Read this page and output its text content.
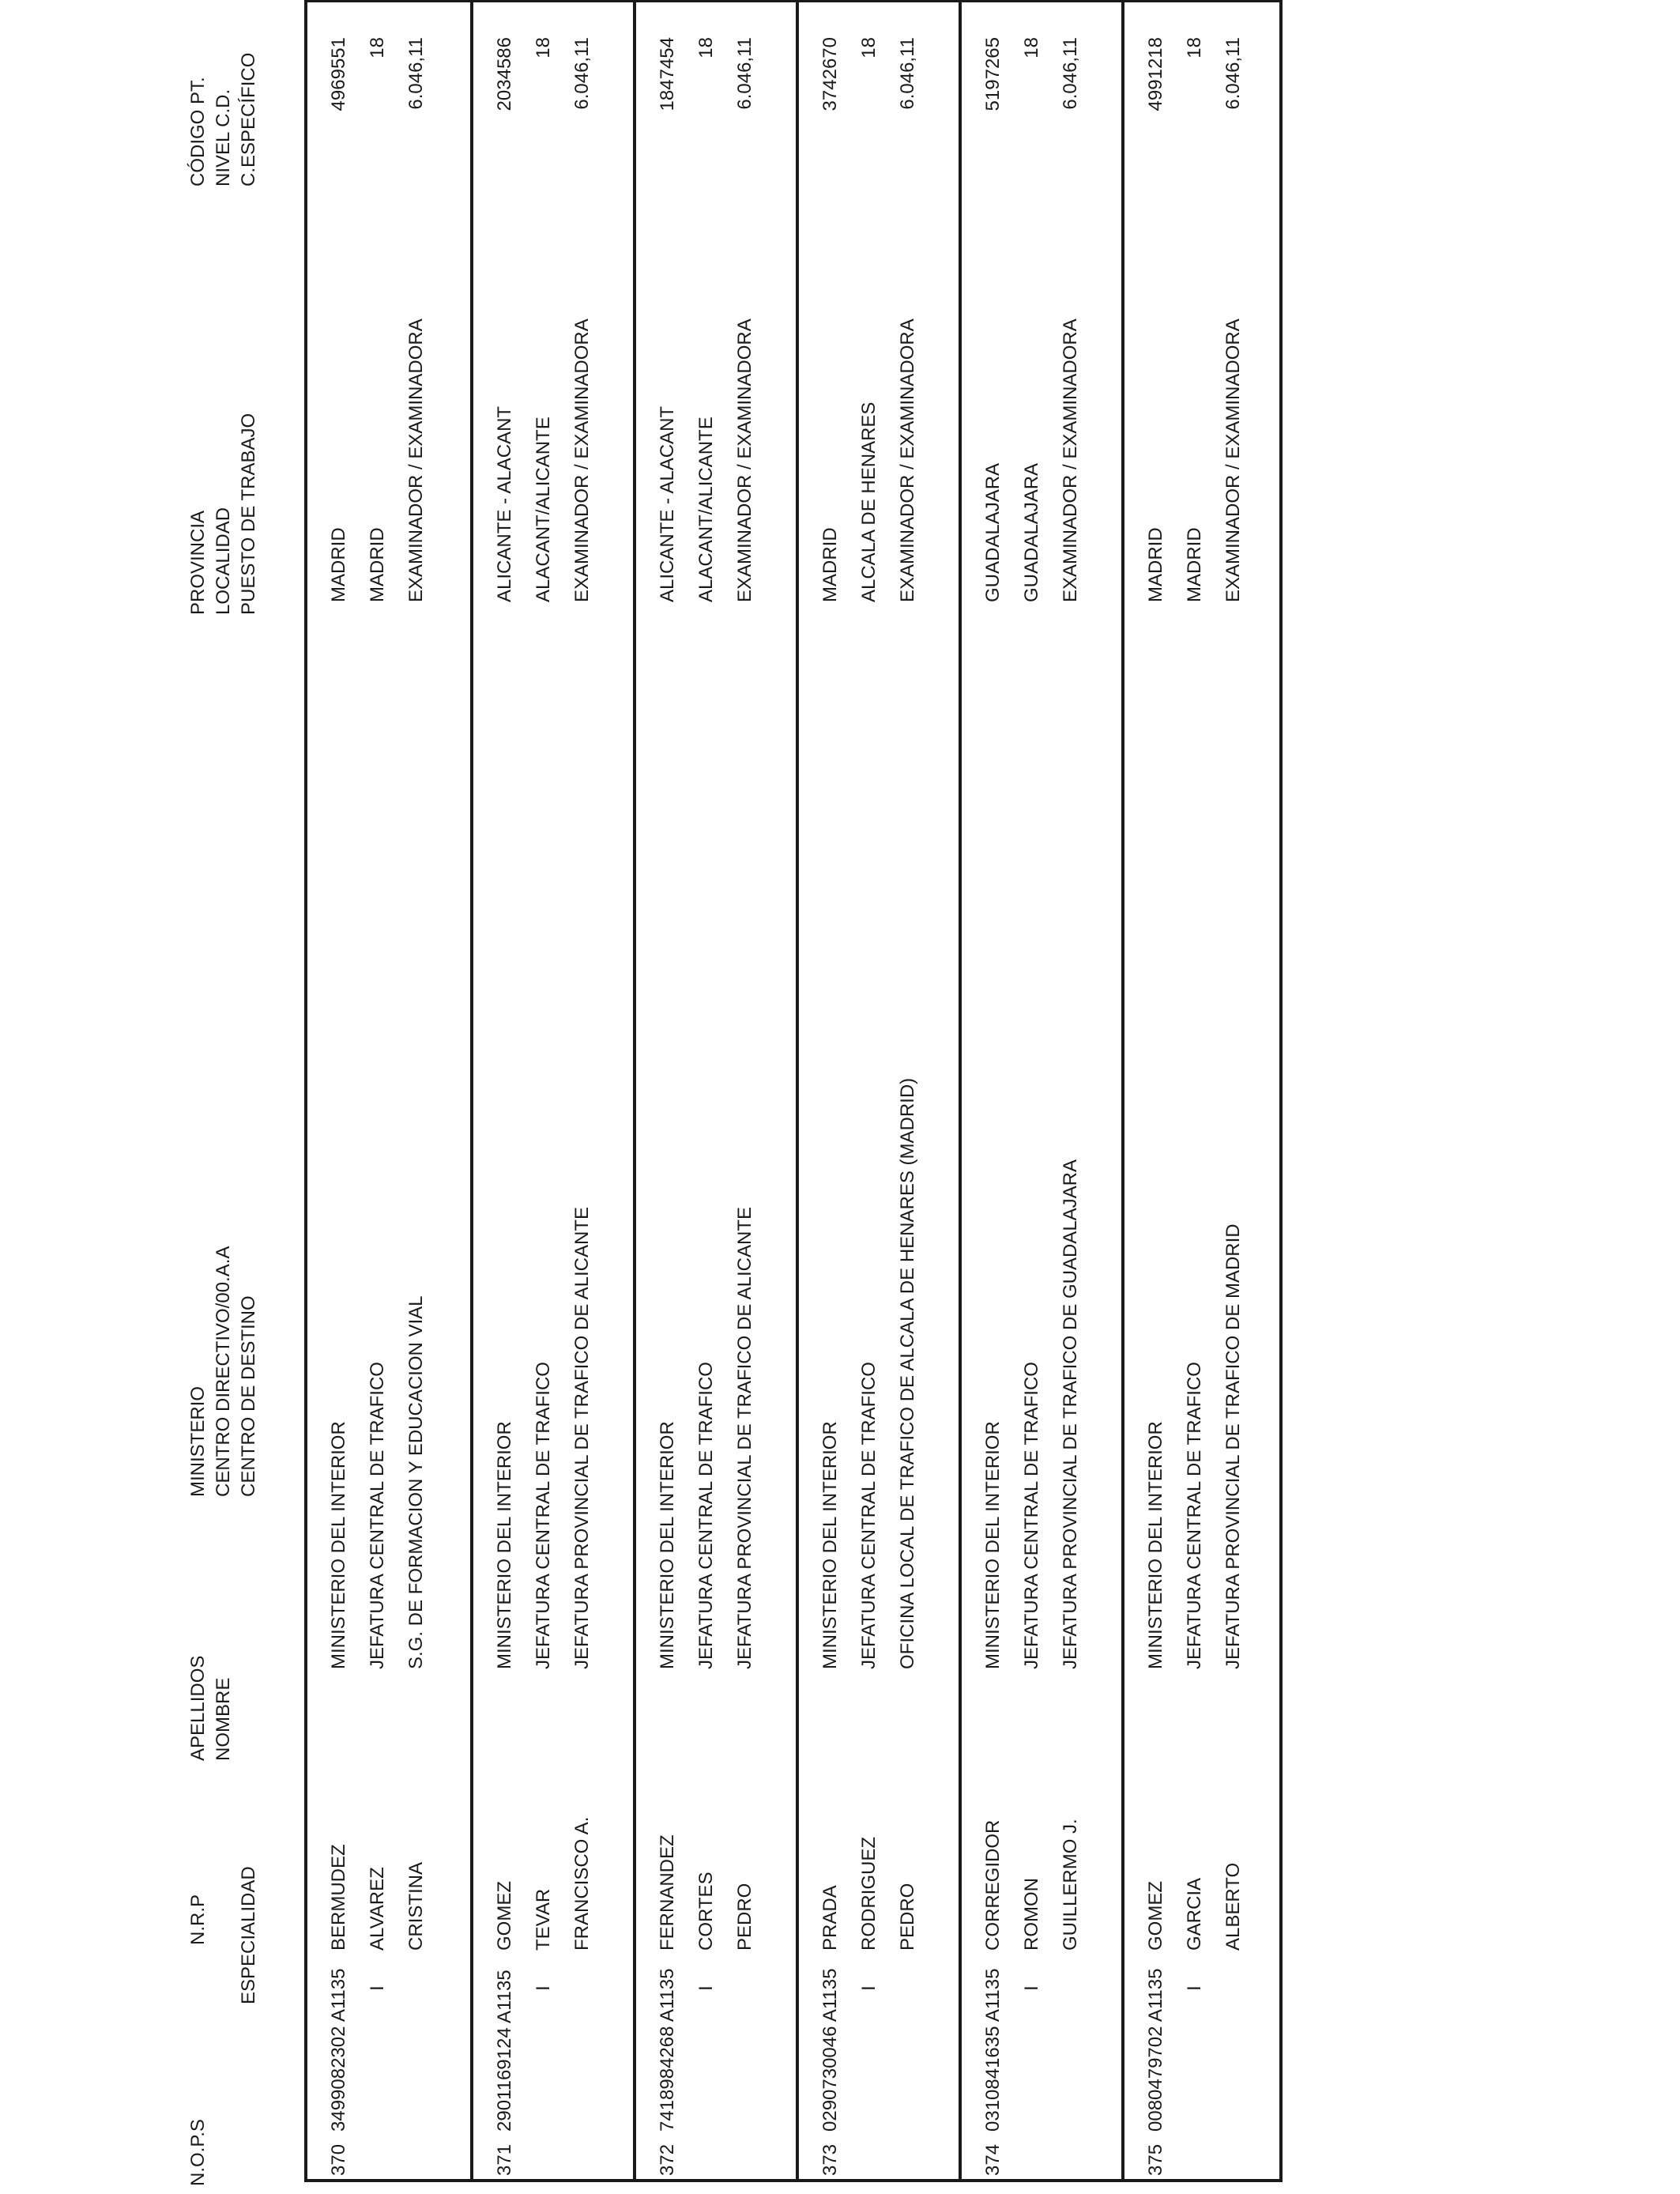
N.O.P.S
N.R.P ESPECIALIDAD
APELLIDOS NOMBRE
MINISTERIO CENTRO DIRECTIVO/00.A.A CENTRO DE DESTINO
PROVINCIA LOCALIDAD PUESTO DE TRABAJO
CÓDIGO PT. NIVEL C.D. C.ESPECÍFICO
370
3499082302 A1135 I
BERMUDEZ ALVAREZ CRISTINA
MINISTERIO DEL INTERIOR JEFATURA CENTRAL DE TRAFICO S.G. DE FORMACION Y EDUCACION VIAL
MADRID MADRID EXAMINADOR / EXAMINADORA
4969551 18 6.046,11
371
2901169124 A1135 I
GOMEZ TEVAR FRANCISCO A.
MINISTERIO DEL INTERIOR JEFATURA CENTRAL DE TRAFICO JEFATURA PROVINCIAL DE TRAFICO DE ALICANTE
ALICANTE - ALACANT ALACANT/ALICANTE EXAMINADOR / EXAMINADORA
2034586 18 6.046,11
372
7418984268 A1135 I
FERNANDEZ CORTES PEDRO
MINISTERIO DEL INTERIOR JEFATURA CENTRAL DE TRAFICO JEFATURA PROVINCIAL DE TRAFICO DE ALICANTE
ALICANTE - ALACANT ALACANT/ALICANTE EXAMINADOR / EXAMINADORA
1847454 18 6.046,11
373
0290730046 A1135 I
PRADA RODRIGUEZ PEDRO
MINISTERIO DEL INTERIOR JEFATURA CENTRAL DE TRAFICO OFICINA LOCAL DE TRAFICO DE ALCALA DE HENARES (MADRID)
MADRID ALCALA DE HENARES EXAMINADOR / EXAMINADORA
3742670 18 6.046,11
374
0310841635 A1135 I
CORREGIDOR ROMON GUILLERMO J.
MINISTERIO DEL INTERIOR JEFATURA CENTRAL DE TRAFICO JEFATURA PROVINCIAL DE TRAFICO DE GUADALAJARA
GUADALAJARA GUADALAJARA EXAMINADOR / EXAMINADORA
5197265 18 6.046,11
375
0080479702 A1135 I
GOMEZ GARCIA ALBERTO
MINISTERIO DEL INTERIOR JEFATURA CENTRAL DE TRAFICO JEFATURA PROVINCIAL DE TRAFICO DE MADRID
MADRID MADRID EXAMINADOR / EXAMINADORA
4991218 18 6.046,11
